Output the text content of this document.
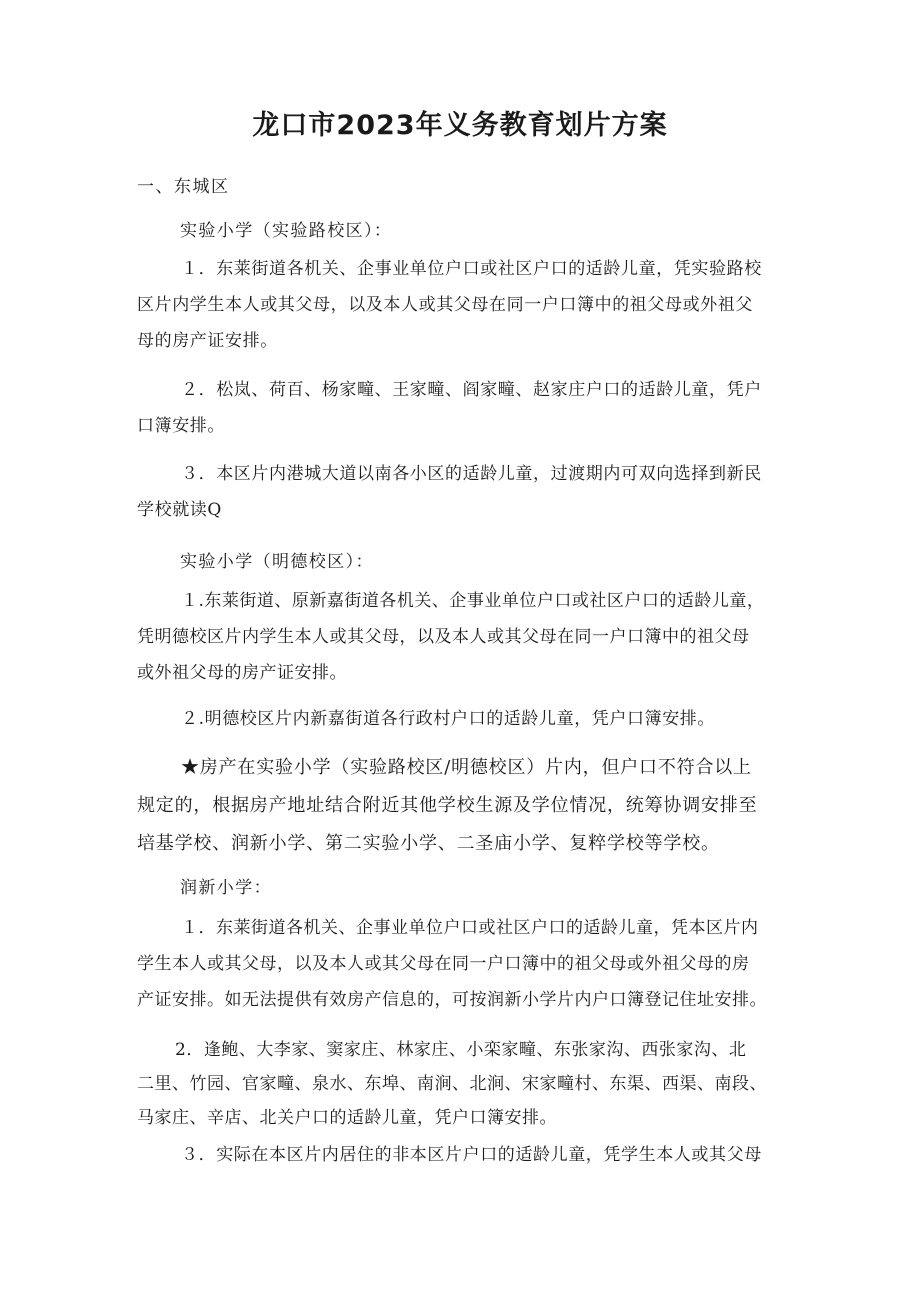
龙口市2023年义务教育划片方案

一、东城区

实验小学（实验路校区）：

１．东莱街道各机关、企事业单位户口或社区户口的适龄儿童，凭实验路校
区片内学生本人或其父母，以及本人或其父母在同一户口簿中的祖父母或外祖父
母的房产证安排。

２．松岚、荷百、杨家疃、王家疃、阎家疃、赵家庄户口的适龄儿童，凭户
口簿安排。

３．本区片内港城大道以南各小区的适龄儿童，过渡期内可双向选择到新民
学校就读Q

实验小学（明德校区）：

１.东莱街道、原新嘉街道各机关、企事业单位户口或社区户口的适龄儿童，
凭明德校区片内学生本人或其父母，以及本人或其父母在同一户口簿中的祖父母
或外祖父母的房产证安排。

２.明德校区片内新嘉街道各行政村户口的适龄儿童，凭户口簿安排。

★房产在实验小学（实验路校区/明德校区）片内，但户口不符合以上
规定的，根据房产地址结合附近其他学校生源及学位情况，统筹协调安排至
培基学校、润新小学、第二实验小学、二圣庙小学、复粹学校等学校。

润新小学：

１．东莱街道各机关、企事业单位户口或社区户口的适龄儿童，凭本区片内
学生本人或其父母，以及本人或其父母在同一户口簿中的祖父母或外祖父母的房
产证安排。如无法提供有效房产信息的，可按润新小学片内户口簿登记住址安排。

2．逢鲍、大李家、窦家庄、林家庄、小栾家疃、东张家沟、西张家沟、北
二里、竹园、官家疃、泉水、东埠、南涧、北涧、宋家疃村、东渠、西渠、南段、
马家庄、辛店、北关户口的适龄儿童，凭户口簿安排。

３．实际在本区片内居住的非本区片户口的适龄儿童，凭学生本人或其父母
